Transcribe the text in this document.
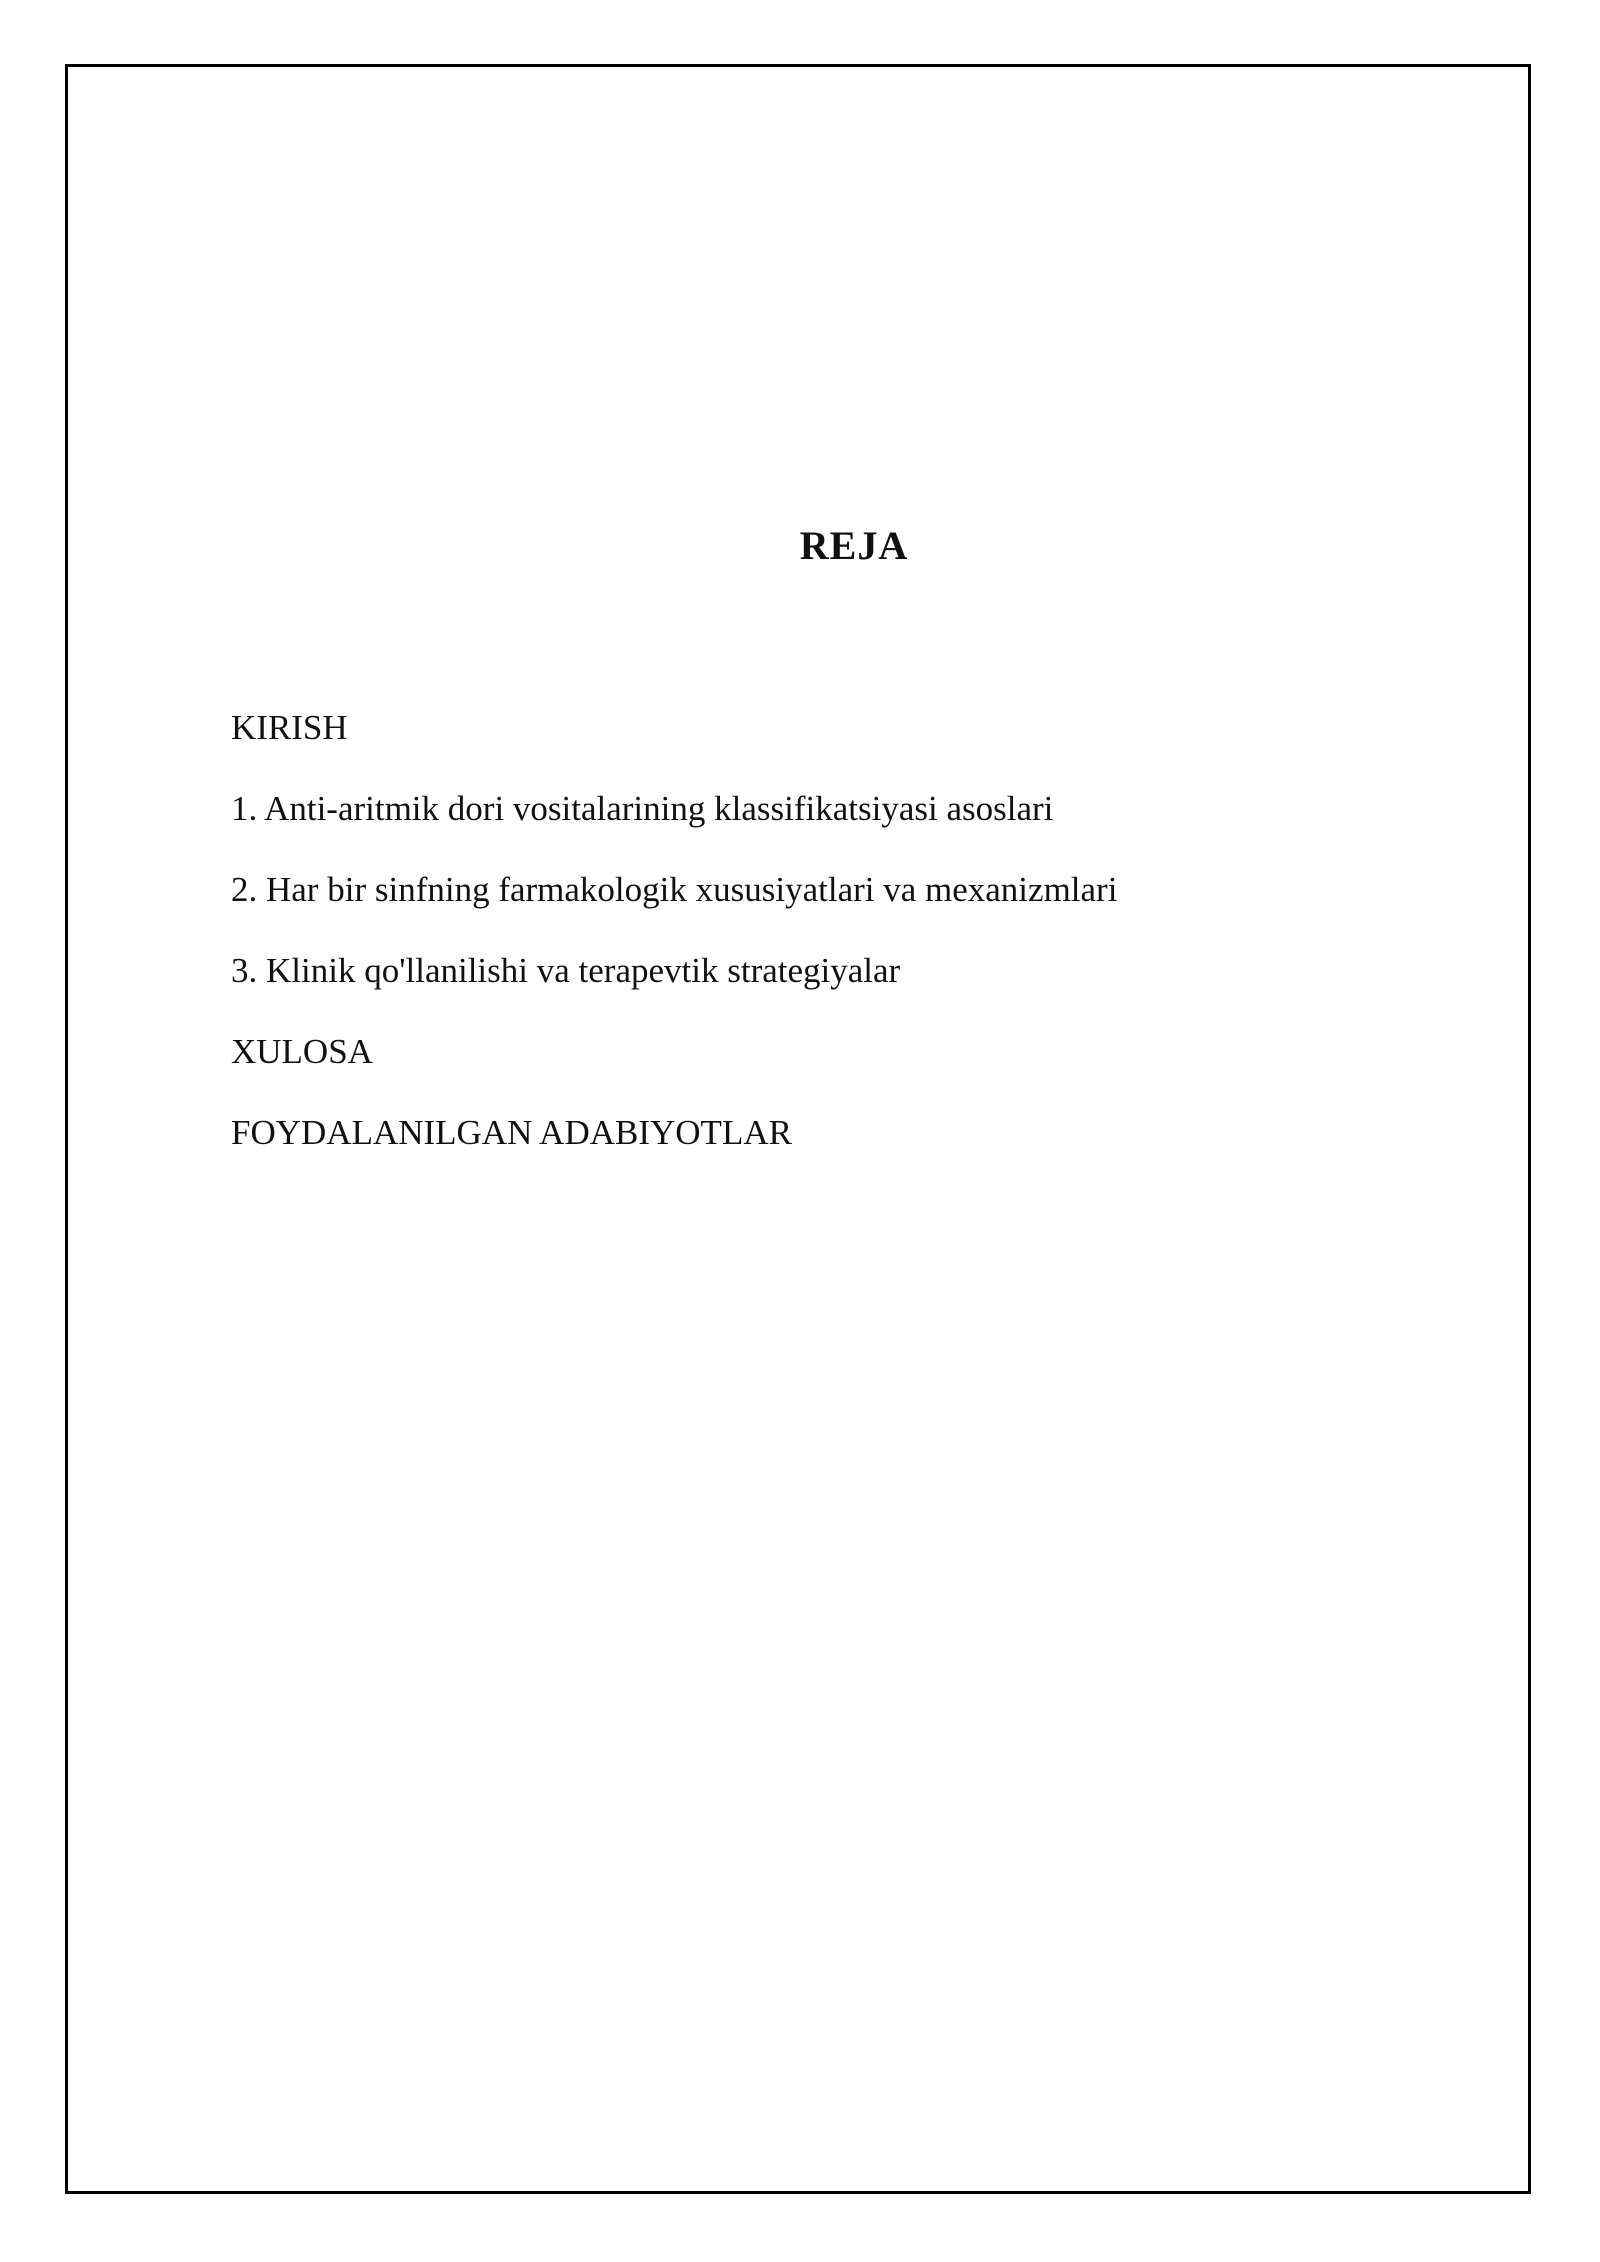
REJA
KIRISH
1. Anti-aritmik dori vositalarining klassifikatsiyasi asoslari
2. Har bir sinfning farmakologik xususiyatlari va mexanizmlari
3. Klinik qo'llanilishi va terapevtik strategiyalar
XULOSA
FOYDALANILGAN ADABIYOTLAR
